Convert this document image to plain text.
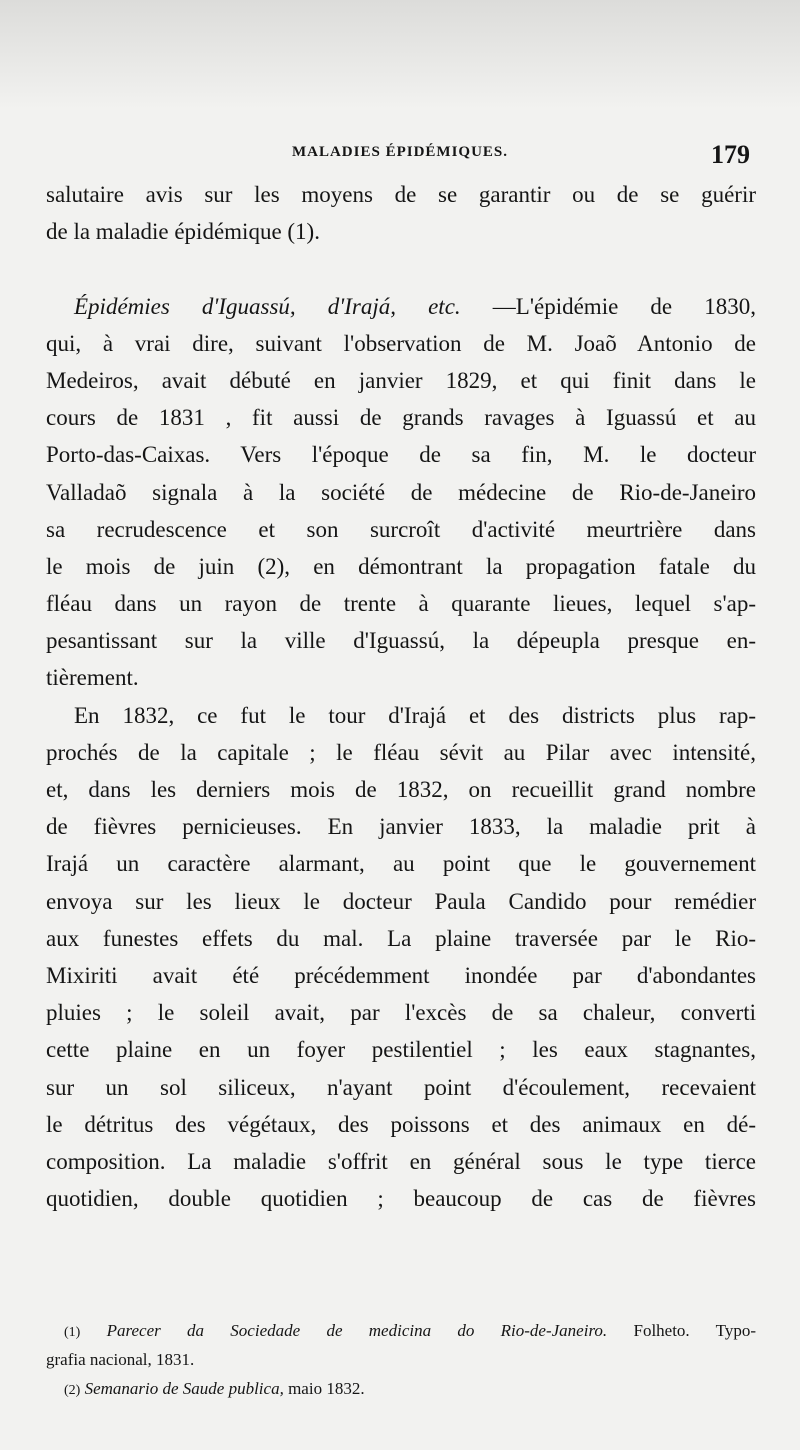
MALADIES ÉPIDÉMIQUES.	179
salutaire avis sur les moyens de se garantir ou de se guérir
de la maladie épidémique (1).
Épidémies d'Iguassú, d'Irajá, etc. —L'épidémie de 1830,
qui, à vrai dire, suivant l'observation de M. Joaõ Antonio de
Medeiros, avait débuté en janvier 1829, et qui finit dans le
cours de 1831 , fit aussi de grands ravages à Iguassú et au
Porto-das-Caixas. Vers l'époque de sa fin, M. le docteur
Valladaõ signala à la société de médecine de Rio-de-Janeiro
sa recrudescence et son surcroît d'activité meurtrière dans
le mois de juin (2), en démontrant la propagation fatale du
fléau dans un rayon de trente à quarante lieues, lequel s'ap-
pesantissant sur la ville d'Iguassú, la dépeupla presque en-
tièrement.
En 1832, ce fut le tour d'Irajá et des districts plus rap-
prochés de la capitale ; le fléau sévit au Pilar avec intensité,
et, dans les derniers mois de 1832, on recueillit grand nombre
de fièvres pernicieuses. En janvier 1833, la maladie prit à
Irajá un caractère alarmant, au point que le gouvernement
envoya sur les lieux le docteur Paula Candido pour remédier
aux funestes effets du mal. La plaine traversée par le Rio-
Mixiriti avait été précédemment inondée par d'abondantes
pluies ; le soleil avait, par l'excès de sa chaleur, converti
cette plaine en un foyer pestilentiel ; les eaux stagnantes,
sur un sol siliceux, n'ayant point d'écoulement, recevaient
le détritus des végétaux, des poissons et des animaux en dé-
composition. La maladie s'offrit en général sous le type tierce
quotidien, double quotidien ; beaucoup de cas de fièvres
(1) Parecer da Sociedade de medicina do Rio-de-Janeiro. Folheto. Typo-
grafia nacional, 1831.
(2) Semanario de Saude publica, maio 1832.
